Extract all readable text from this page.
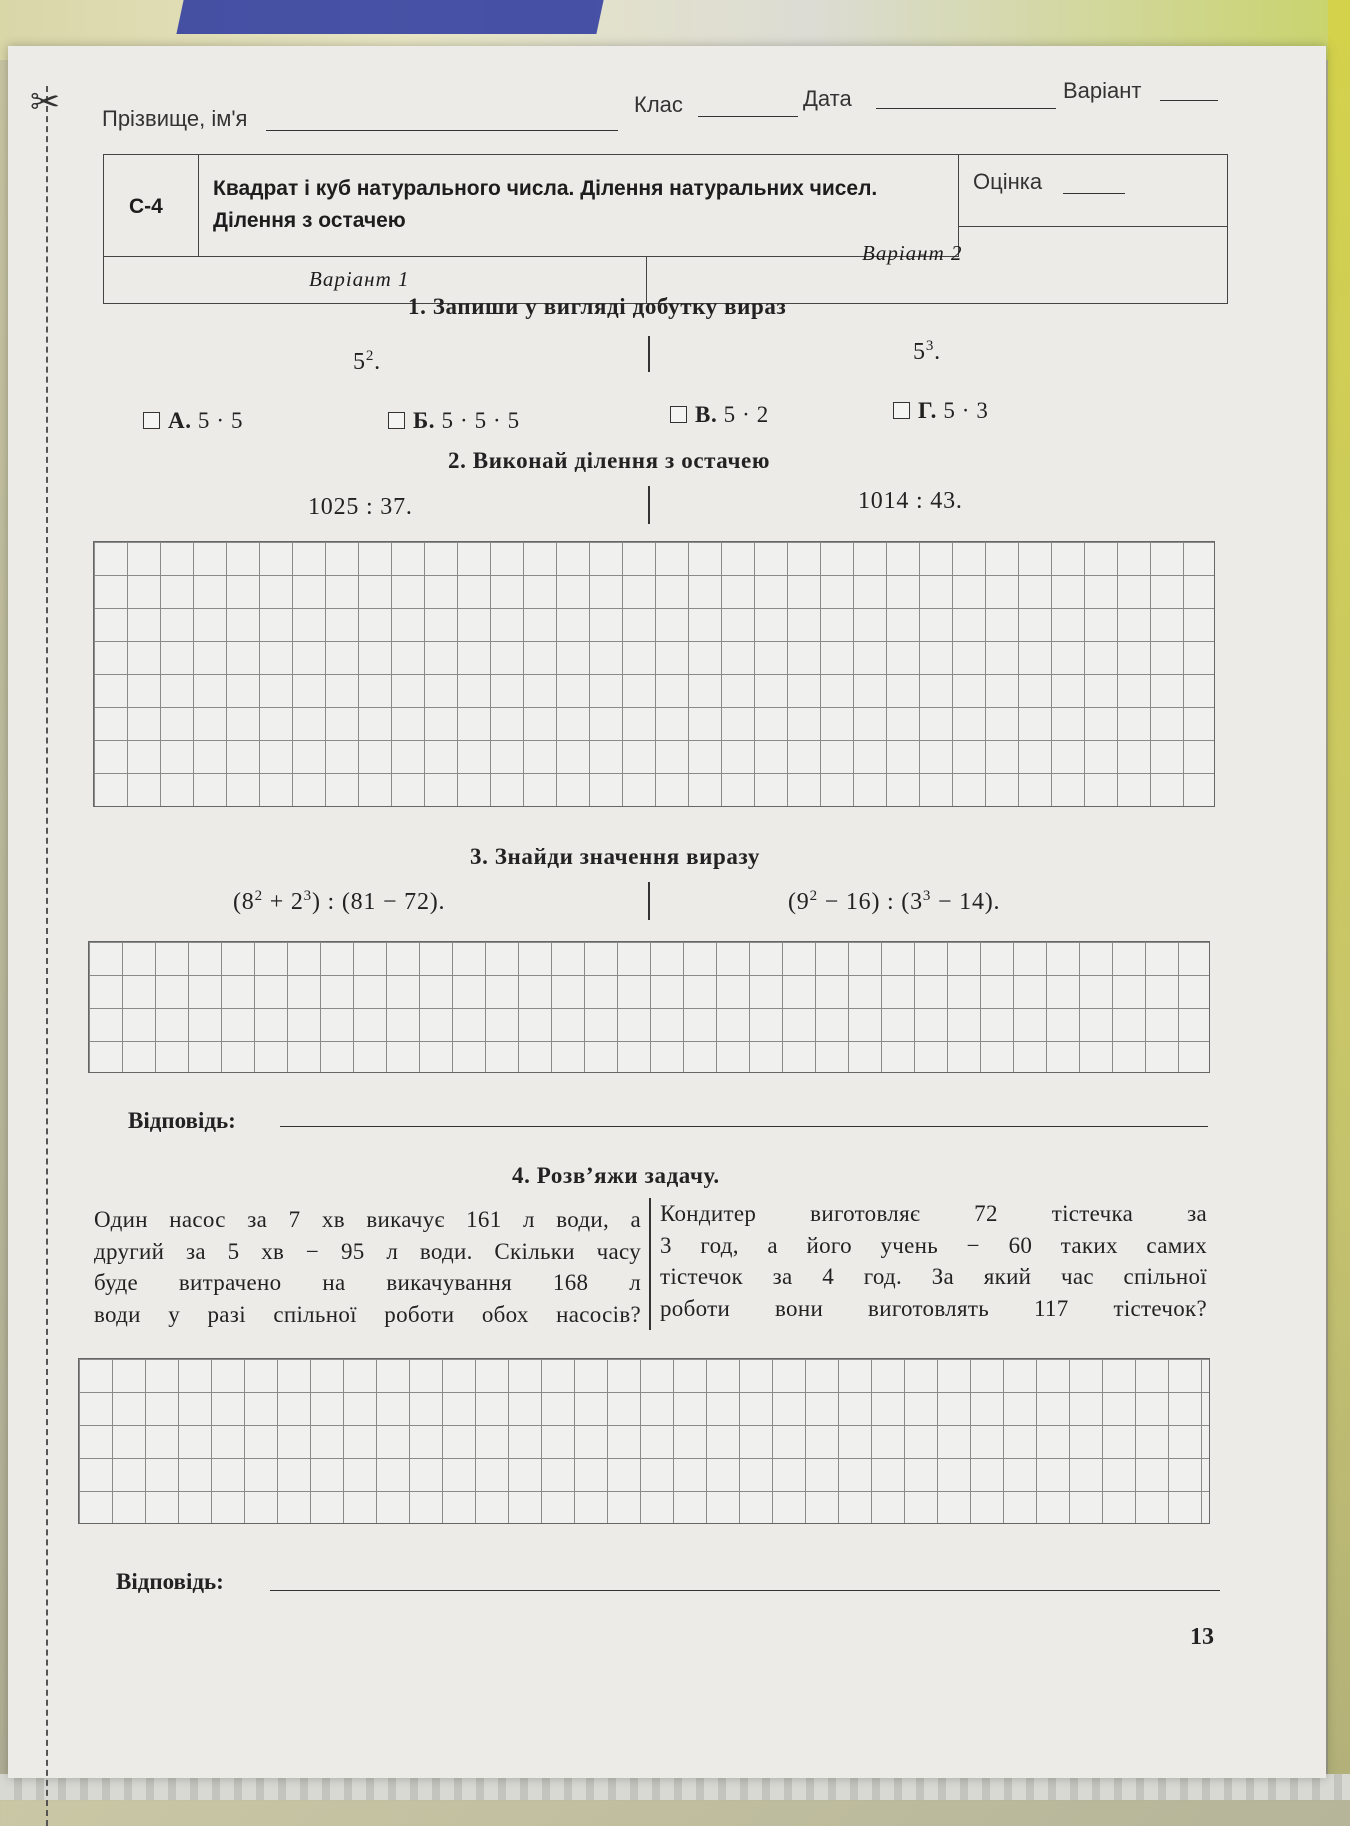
✂ Прізвище, ім'я
Клас	Дата	Варіант
С-4
Квадрат і куб натурального числа. Ділення натуральних чисел.
Ділення з остачею
Оцінка
Варіант 1
Варіант 2
1. Запиши у вигляді добутку вираз
$5^2$.	$5^3$.
А. 5 · 5	Б. 5 · 5 · 5	В. 5 · 2	Г. 5 · 3
2. Виконай ділення з остачею
1025 : 37.	1014 : 43.
3. Знайди значення виразу
$(8^2 + 2^3)$ : (81 − 72).	$(9^2 - 16)$ : $(3^3 - 14)$.
Відповідь:
4. Розв’яжи задачу.
Один насос за 7 хв викачує 161 л води, а
другий за 5 хв − 95 л води. Скільки часу
буде витрачено на викачування 168 л
води у разі спільної роботи обох насосів?
Кондитер виготовляє 72 тістечка за
3 год, а його учень − 60 таких самих
тістечок за 4 год. За який час спільної
роботи вони виготовлять 117 тістечок?
Відповідь:
13
